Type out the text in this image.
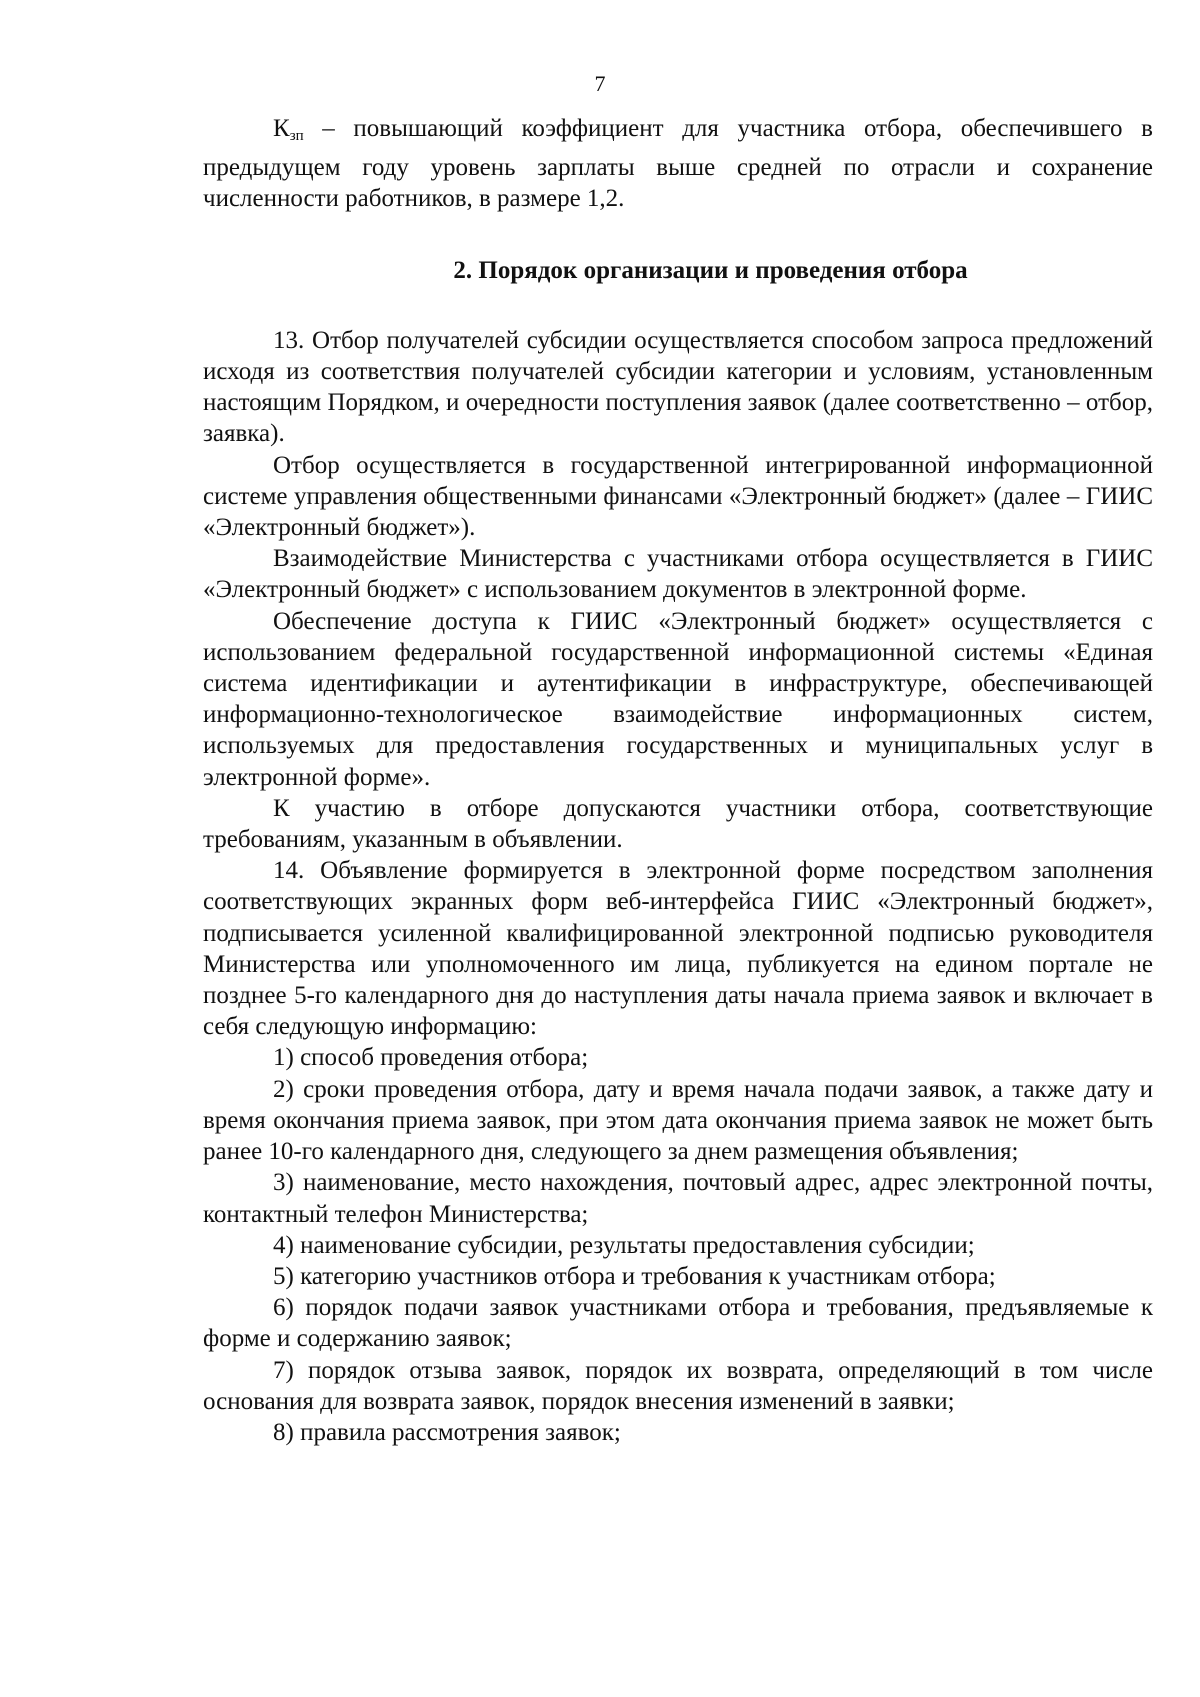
7

$К_{зп}$ – повышающий коэффициент для участника отбора, обеспечившего в предыдущем году уровень зарплаты выше средней по отрасли и сохранение численности работников, в размере 1,2.

2. Порядок организации и проведения отбора

13. Отбор получателей субсидии осуществляется способом запроса предложений исходя из соответствия получателей субсидии категории и условиям, установленным настоящим Порядком, и очередности поступления заявок (далее соответственно – отбор, заявка).

Отбор осуществляется в государственной интегрированной информационной системе управления общественными финансами «Электронный бюджет» (далее – ГИИС «Электронный бюджет»).

Взаимодействие Министерства с участниками отбора осуществляется в ГИИС «Электронный бюджет» с использованием документов в электронной форме.

Обеспечение доступа к ГИИС «Электронный бюджет» осуществляется с использованием федеральной государственной информационной системы «Единая система идентификации и аутентификации в инфраструктуре, обеспечивающей информационно-технологическое взаимодействие информационных систем, используемых для предоставления государственных и муниципальных услуг в электронной форме».

К участию в отборе допускаются участники отбора, соответствующие требованиям, указанным в объявлении.

14. Объявление формируется в электронной форме посредством заполнения соответствующих экранных форм веб-интерфейса ГИИС «Электронный бюджет», подписывается усиленной квалифицированной электронной подписью руководителя Министерства или уполномоченного им лица, публикуется на едином портале не позднее 5-го календарного дня до наступления даты начала приема заявок и включает в себя следующую информацию:

1) способ проведения отбора;

2) сроки проведения отбора, дату и время начала подачи заявок, а также дату и время окончания приема заявок, при этом дата окончания приема заявок не может быть ранее 10-го календарного дня, следующего за днем размещения объявления;

3) наименование, место нахождения, почтовый адрес, адрес электронной почты, контактный телефон Министерства;

4) наименование субсидии, результаты предоставления субсидии;

5) категорию участников отбора и требования к участникам отбора;

6) порядок подачи заявок участниками отбора и требования, предъявляемые к форме и содержанию заявок;

7) порядок отзыва заявок, порядок их возврата, определяющий в том числе основания для возврата заявок, порядок внесения изменений в заявки;

8) правила рассмотрения заявок;
